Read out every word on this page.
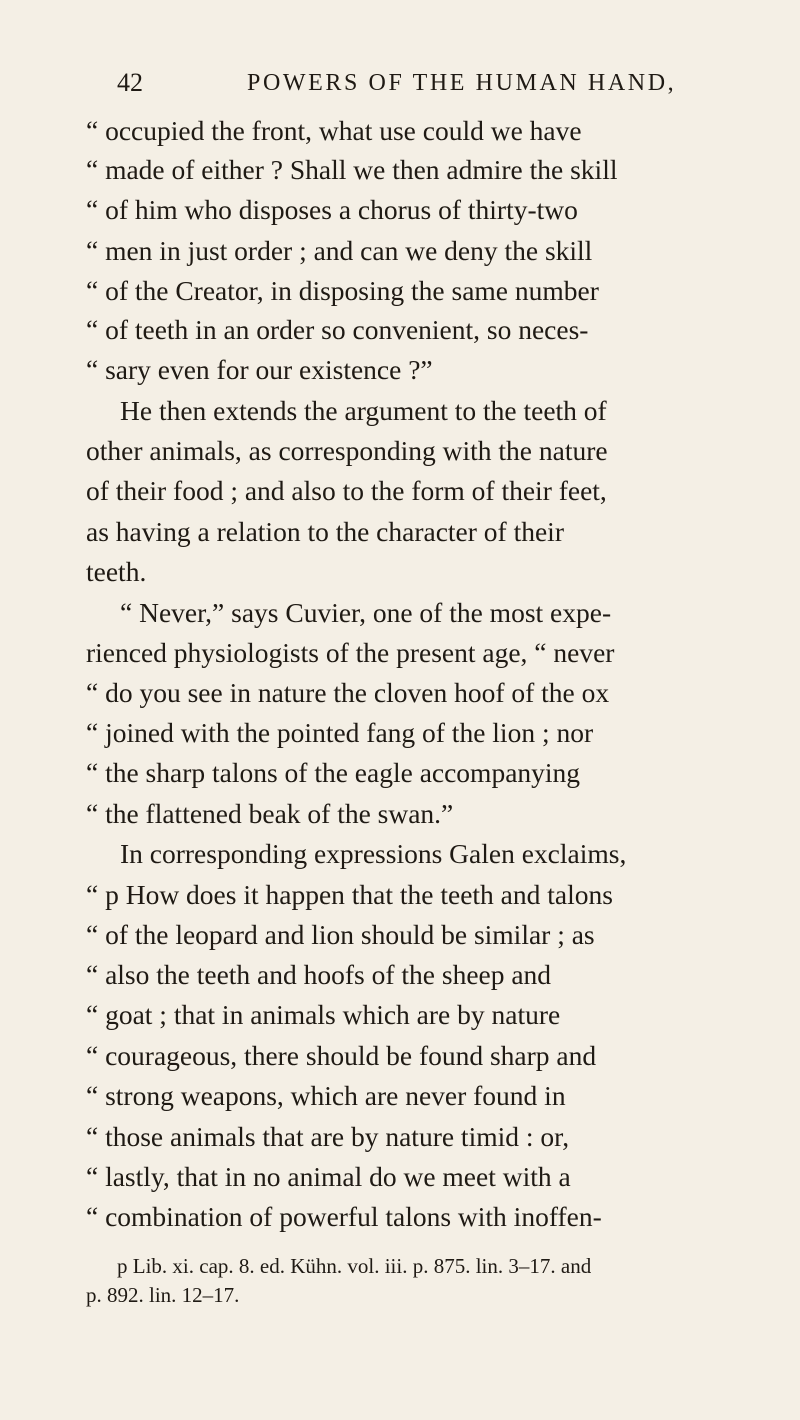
42	POWERS OF THE HUMAN HAND,
“ occupied the front, what use could we have
“ made of either ? Shall we then admire the skill
“ of him who disposes a chorus of thirty-two
“ men in just order ; and can we deny the skill
“ of the Creator, in disposing the same number
“ of teeth in an order so convenient, so neces-
“ sary even for our existence ?”
He then extends the argument to the teeth of
other animals, as corresponding with the nature
of their food ; and also to the form of their feet,
as having a relation to the character of their
teeth.
“ Never,” says Cuvier, one of the most expe-
rienced physiologists of the present age, “ never
“ do you see in nature the cloven hoof of the ox
“ joined with the pointed fang of the lion ; nor
“ the sharp talons of the eagle accompanying
“ the flattened beak of the swan.”
In corresponding expressions Galen exclaims,
“ p How does it happen that the teeth and talons
“ of the leopard and lion should be similar ; as
“ also the teeth and hoofs of the sheep and
“ goat ; that in animals which are by nature
“ courageous, there should be found sharp and
“ strong weapons, which are never found in
“ those animals that are by nature timid : or,
“ lastly, that in no animal do we meet with a
“ combination of powerful talons with inoffen-
p Lib. xi. cap. 8. ed. Kühn. vol. iii. p. 875. lin. 3–17. and
p. 892. lin. 12–17.
